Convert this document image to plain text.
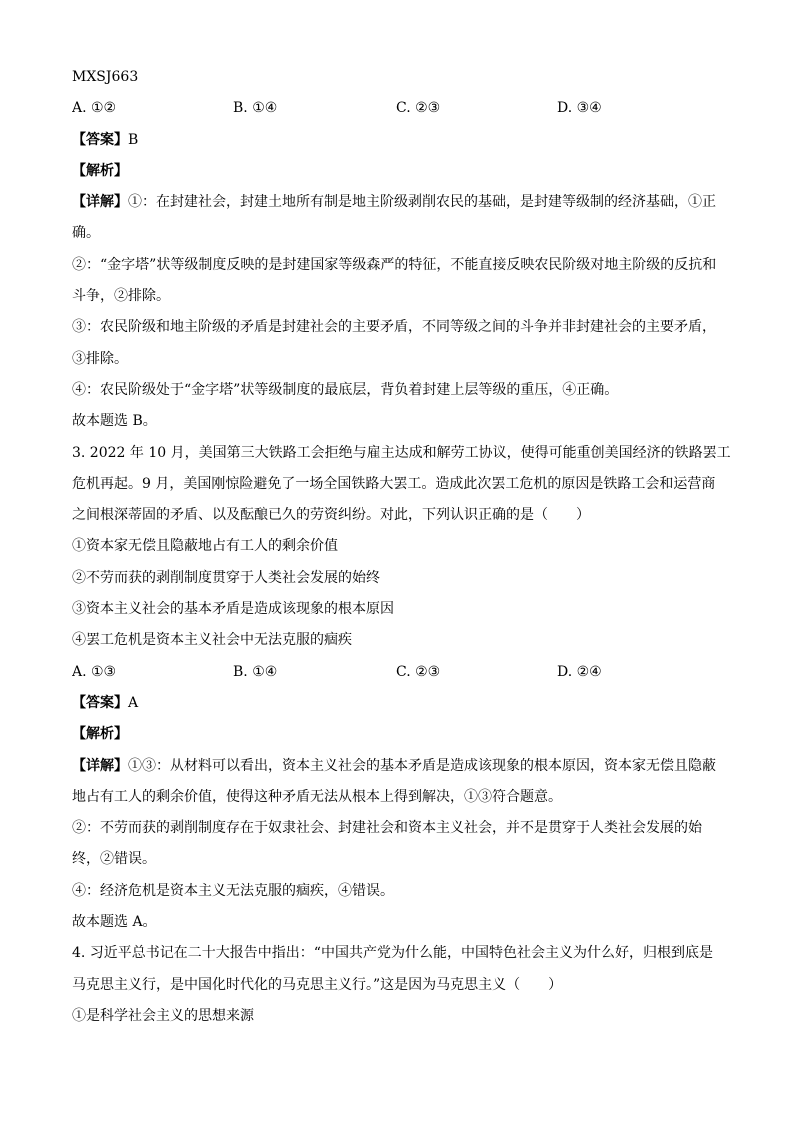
MXSJ663
A. ①②	B. ①④	C. ②③	D. ③④
【答案】B
【解析】
【详解】①：在封建社会，封建土地所有制是地主阶级剥削农民的基础，是封建等级制的经济基础，①正
确。
②：“金字塔”状等级制度反映的是封建国家等级森严的特征，不能直接反映农民阶级对地主阶级的反抗和
斗争，②排除。
③：农民阶级和地主阶级的矛盾是封建社会的主要矛盾，不同等级之间的斗争并非封建社会的主要矛盾，
③排除。
④：农民阶级处于“金字塔”状等级制度的最底层，背负着封建上层等级的重压，④正确。
故本题选 B。
3. 2022 年 10 月，美国第三大铁路工会拒绝与雇主达成和解劳工协议，使得可能重创美国经济的铁路罢工
危机再起。9 月，美国刚惊险避免了一场全国铁路大罢工。造成此次罢工危机的原因是铁路工会和运营商
之间根深蒂固的矛盾、以及酝酿已久的劳资纠纷。对此，下列认识正确的是（　　）
①资本家无偿且隐蔽地占有工人的剩余价值
②不劳而获的剥削制度贯穿于人类社会发展的始终
③资本主义社会的基本矛盾是造成该现象的根本原因
④罢工危机是资本主义社会中无法克服的痼疾
A. ①③	B. ①④	C. ②③	D. ②④
【答案】A
【解析】
【详解】①③：从材料可以看出，资本主义社会的基本矛盾是造成该现象的根本原因，资本家无偿且隐蔽
地占有工人的剩余价值，使得这种矛盾无法从根本上得到解决，①③符合题意。
②：不劳而获的剥削制度存在于奴隶社会、封建社会和资本主义社会，并不是贯穿于人类社会发展的始
终，②错误。
④：经济危机是资本主义无法克服的痼疾，④错误。
故本题选 A。
4. 习近平总书记在二十大报告中指出：“中国共产党为什么能，中国特色社会主义为什么好，归根到底是
马克思主义行，是中国化时代化的马克思主义行。”这是因为马克思主义（　　）
①是科学社会主义的思想来源
